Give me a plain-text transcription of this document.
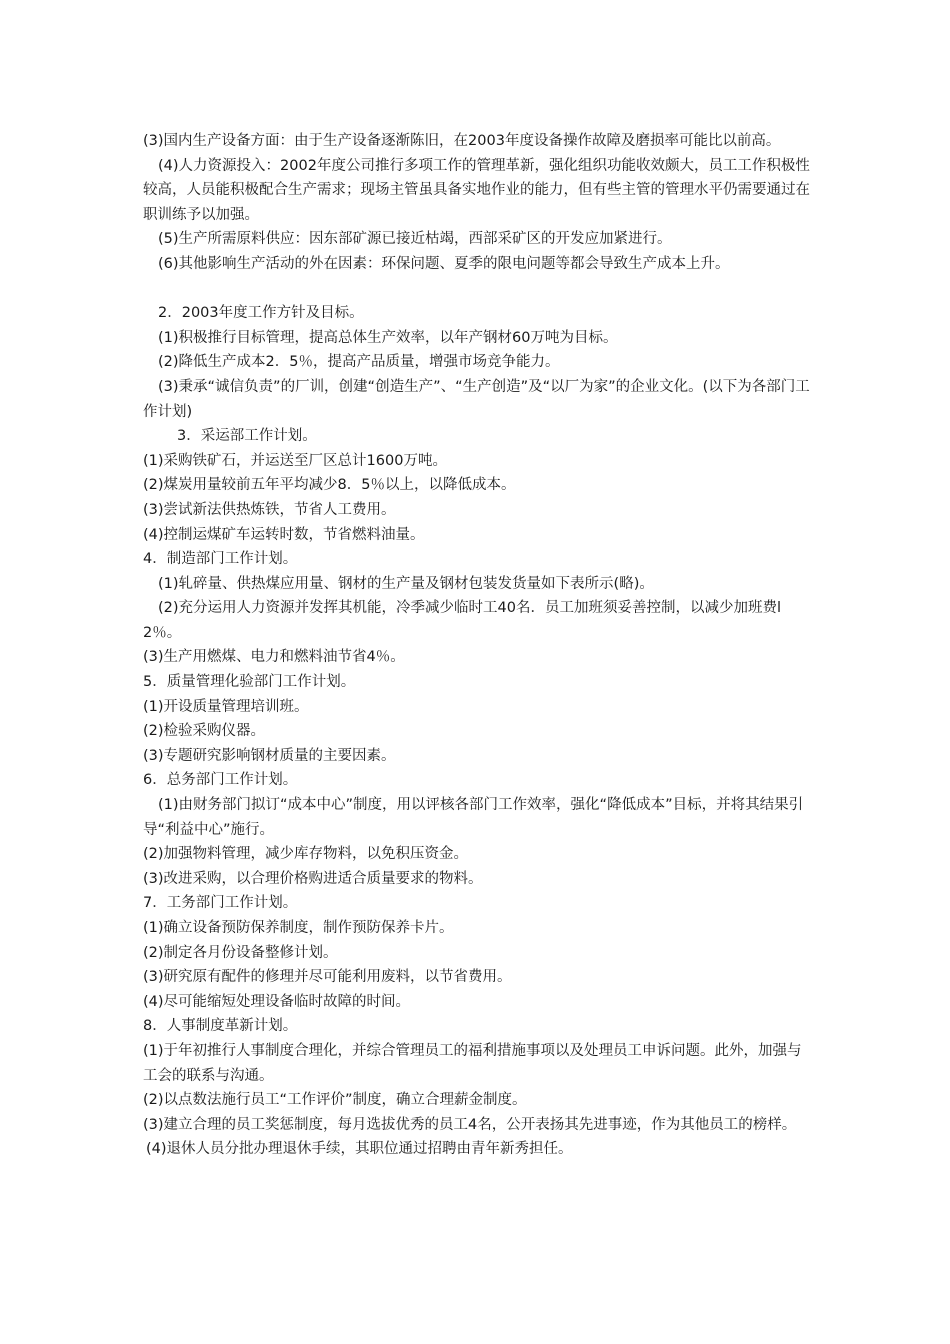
(3)国内生产设备方面：由于生产设备逐渐陈旧，在2003年度设备操作故障及磨损率可能比以前高。

(4)人力资源投入：2002年度公司推行多项工作的管理革新，强化组织功能收效颇大，员工工作积极性较高，人员能积极配合生产需求；现场主管虽具备实地作业的能力，但有些主管的管理水平仍需要通过在职训练予以加强。

(5)生产所需原料供应：因东部矿源已接近枯竭，西部采矿区的开发应加紧进行。

(6)其他影响生产活动的外在因素：环保问题、夏季的限电问题等都会导致生产成本上升。

2．2003年度工作方针及目标。

(1)积极推行目标管理，提高总体生产效率，以年产钢材60万吨为目标。

(2)降低生产成本2．5％，提高产品质量，增强市场竞争能力。

(3)秉承“诚信负责”的厂训，创建“创造生产”、“生产创造”及“以厂为家”的企业文化。(以下为各部门工作计划)

3．采运部工作计划。

(1)采购铁矿石，并运送至厂区总计1600万吨。

(2)煤炭用量较前五年平均减少8．5％以上，以降低成本。

(3)尝试新法供热炼铁，节省人工费用。

(4)控制运煤矿车运转时数，节省燃料油量。

4．制造部门工作计划。

(1)轧碎量、供热煤应用量、钢材的生产量及钢材包装发货量如下表所示(略)。

(2)充分运用人力资源并发挥其机能，冷季减少临时工40名．员工加班须妥善控制，以减少加班费l2％。

(3)生产用燃煤、电力和燃料油节省4％。

5．质量管理化验部门工作计划。

(1)开设质量管理培训班。

(2)检验采购仪器。

(3)专题研究影响钢材质量的主要因素。

6．总务部门工作计划。

(1)由财务部门拟订“成本中心”制度，用以评核各部门工作效率，强化“降低成本”目标，并将其结果引导“利益中心”施行。

(2)加强物料管理，减少库存物料，以免积压资金。

(3)改进采购，以合理价格购进适合质量要求的物料。

7．工务部门工作计划。

(1)确立设备预防保养制度，制作预防保养卡片。

(2)制定各月份设备整修计划。

(3)研究原有配件的修理并尽可能利用废料，以节省费用。

(4)尽可能缩短处理设备临时故障的时间。

8．人事制度革新计划。

(1)于年初推行人事制度合理化，并综合管理员工的福利措施事项以及处理员工申诉问题。此外，加强与工会的联系与沟通。

(2)以点数法施行员工“工作评价”制度，确立合理薪金制度。

(3)建立合理的员工奖惩制度，每月选拔优秀的员工4名，公开表扬其先进事迹，作为其他员工的榜样。

(4)退休人员分批办理退休手续，其职位通过招聘由青年新秀担任。
